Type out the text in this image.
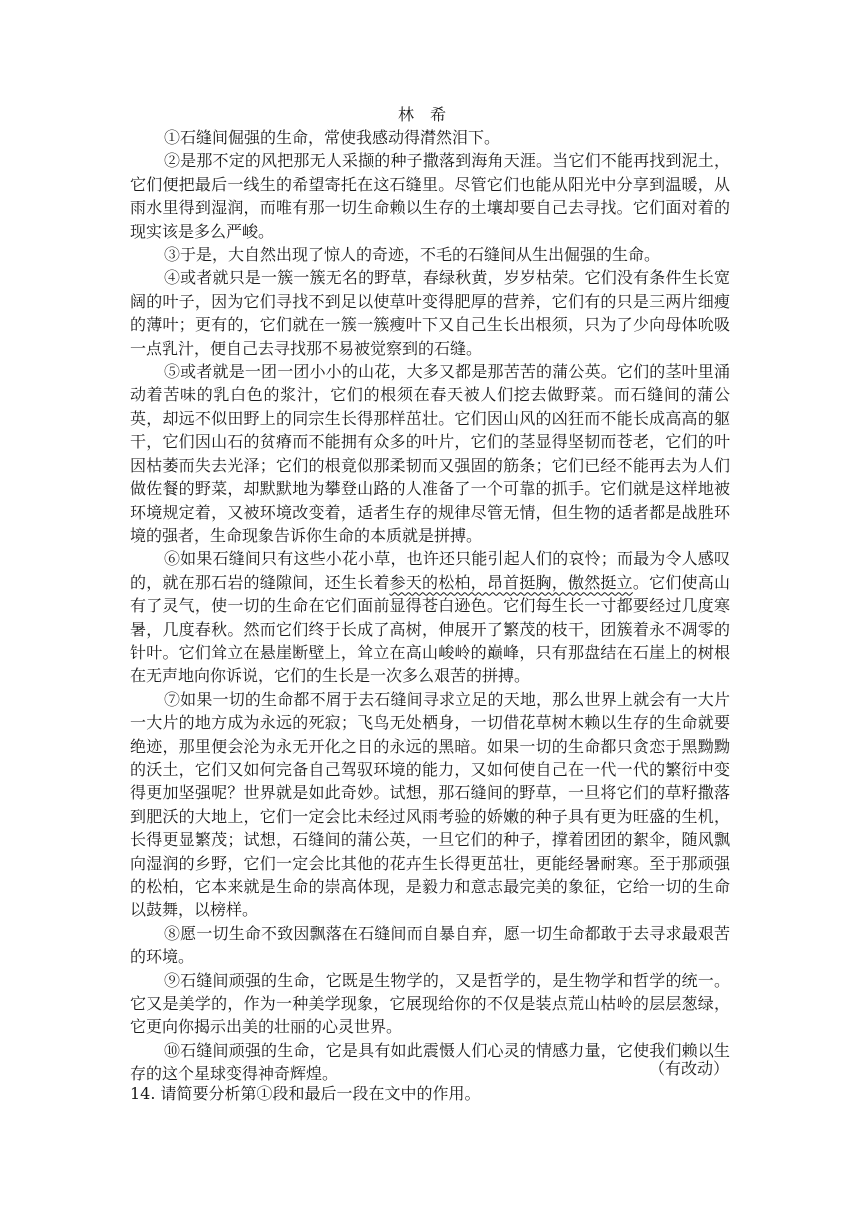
林希

①石缝间倔强的生命，常使我感动得潸然泪下。

②是那不定的风把那无人采撷的种子撒落到海角天涯。当它们不能再找到泥土，它们便把最后一线生的希望寄托在这石缝里。尽管它们也能从阳光中分享到温暖，从雨水里得到湿润，而唯有那一切生命赖以生存的土壤却要自己去寻找。它们面对着的现实该是多么严峻。

③于是，大自然出现了惊人的奇迹，不毛的石缝间从生出倔强的生命。

④或者就只是一簇一簇无名的野草，春绿秋黄，岁岁枯荣。它们没有条件生长宽阔的叶子，因为它们寻找不到足以使草叶变得肥厚的营养，它们有的只是三两片细瘦的薄叶；更有的，它们就在一簇一簇瘦叶下又自己生长出根须，只为了少向母体吮吸一点乳汁，便自己去寻找那不易被觉察到的石缝。

⑤或者就是一团一团小小的山花，大多又都是那苦苦的蒲公英。它们的茎叶里涌动着苦味的乳白色的浆汁，它们的根须在春天被人们挖去做野菜。而石缝间的蒲公英，却远不似田野上的同宗生长得那样茁壮。它们因山风的凶狂而不能长成高高的躯干，它们因山石的贫瘠而不能拥有众多的叶片，它们的茎显得坚韧而苍老，它们的叶因枯萎而失去光泽；它们的根竟似那柔韧而又强固的筋条；它们已经不能再去为人们做佐餐的野菜，却默默地为攀登山路的人准备了一个可靠的抓手。它们就是这样地被环境规定着，又被环境改变着，适者生存的规律尽管无情，但生物的适者都是战胜环境的强者，生命现象告诉你生命的本质就是拼搏。

⑥如果石缝间只有这些小花小草，也许还只能引起人们的哀怜；而最为令人感叹的，就在那石岩的缝隙间，还生长着参天的松柏，昂首挺胸，傲然挺立。它们使高山有了灵气，使一切的生命在它们面前显得苍白逊色。它们每生长一寸都要经过几度寒暑，几度春秋。然而它们终于长成了高树，伸展开了繁茂的枝干，团簇着永不凋零的针叶。它们耸立在悬崖断壁上，耸立在高山峻岭的巅峰，只有那盘结在石崖上的树根在无声地向你诉说，它们的生长是一次多么艰苦的拼搏。

⑦如果一切的生命都不屑于去石缝间寻求立足的天地，那么世界上就会有一大片一大片的地方成为永远的死寂；飞鸟无处栖身，一切借花草树木赖以生存的生命就要绝迹，那里便会沦为永无开化之日的永远的黑暗。如果一切的生命都只贪恋于黑黝黝的沃土，它们又如何完备自己驾驭环境的能力，又如何使自己在一代一代的繁衍中变得更加坚强呢？世界就是如此奇妙。试想，那石缝间的野草，一旦将它们的草籽撒落到肥沃的大地上，它们一定会比未经过风雨考验的娇嫩的种子具有更为旺盛的生机，长得更显繁茂；试想，石缝间的蒲公英，一旦它们的种子，撑着团团的絮伞，随风飘向湿润的乡野，它们一定会比其他的花卉生长得更茁壮，更能经暑耐寒。至于那顽强的松柏，它本来就是生命的崇高体现，是毅力和意志最完美的象征，它给一切的生命以鼓舞，以榜样。

⑧愿一切生命不致因飘落在石缝间而自暴自弃，愿一切生命都敢于去寻求最艰苦的环境。

⑨石缝间顽强的生命，它既是生物学的，又是哲学的，是生物学和哲学的统一。它又是美学的，作为一种美学现象，它展现给你的不仅是装点荒山枯岭的层层葱绿，它更向你揭示出美的壮丽的心灵世界。

⑩石缝间顽强的生命，它是具有如此震慑人们心灵的情感力量，它使我们赖以生存的这个星球变得神奇辉煌。	（有改动）
14. 请简要分析第①段和最后一段在文中的作用。
